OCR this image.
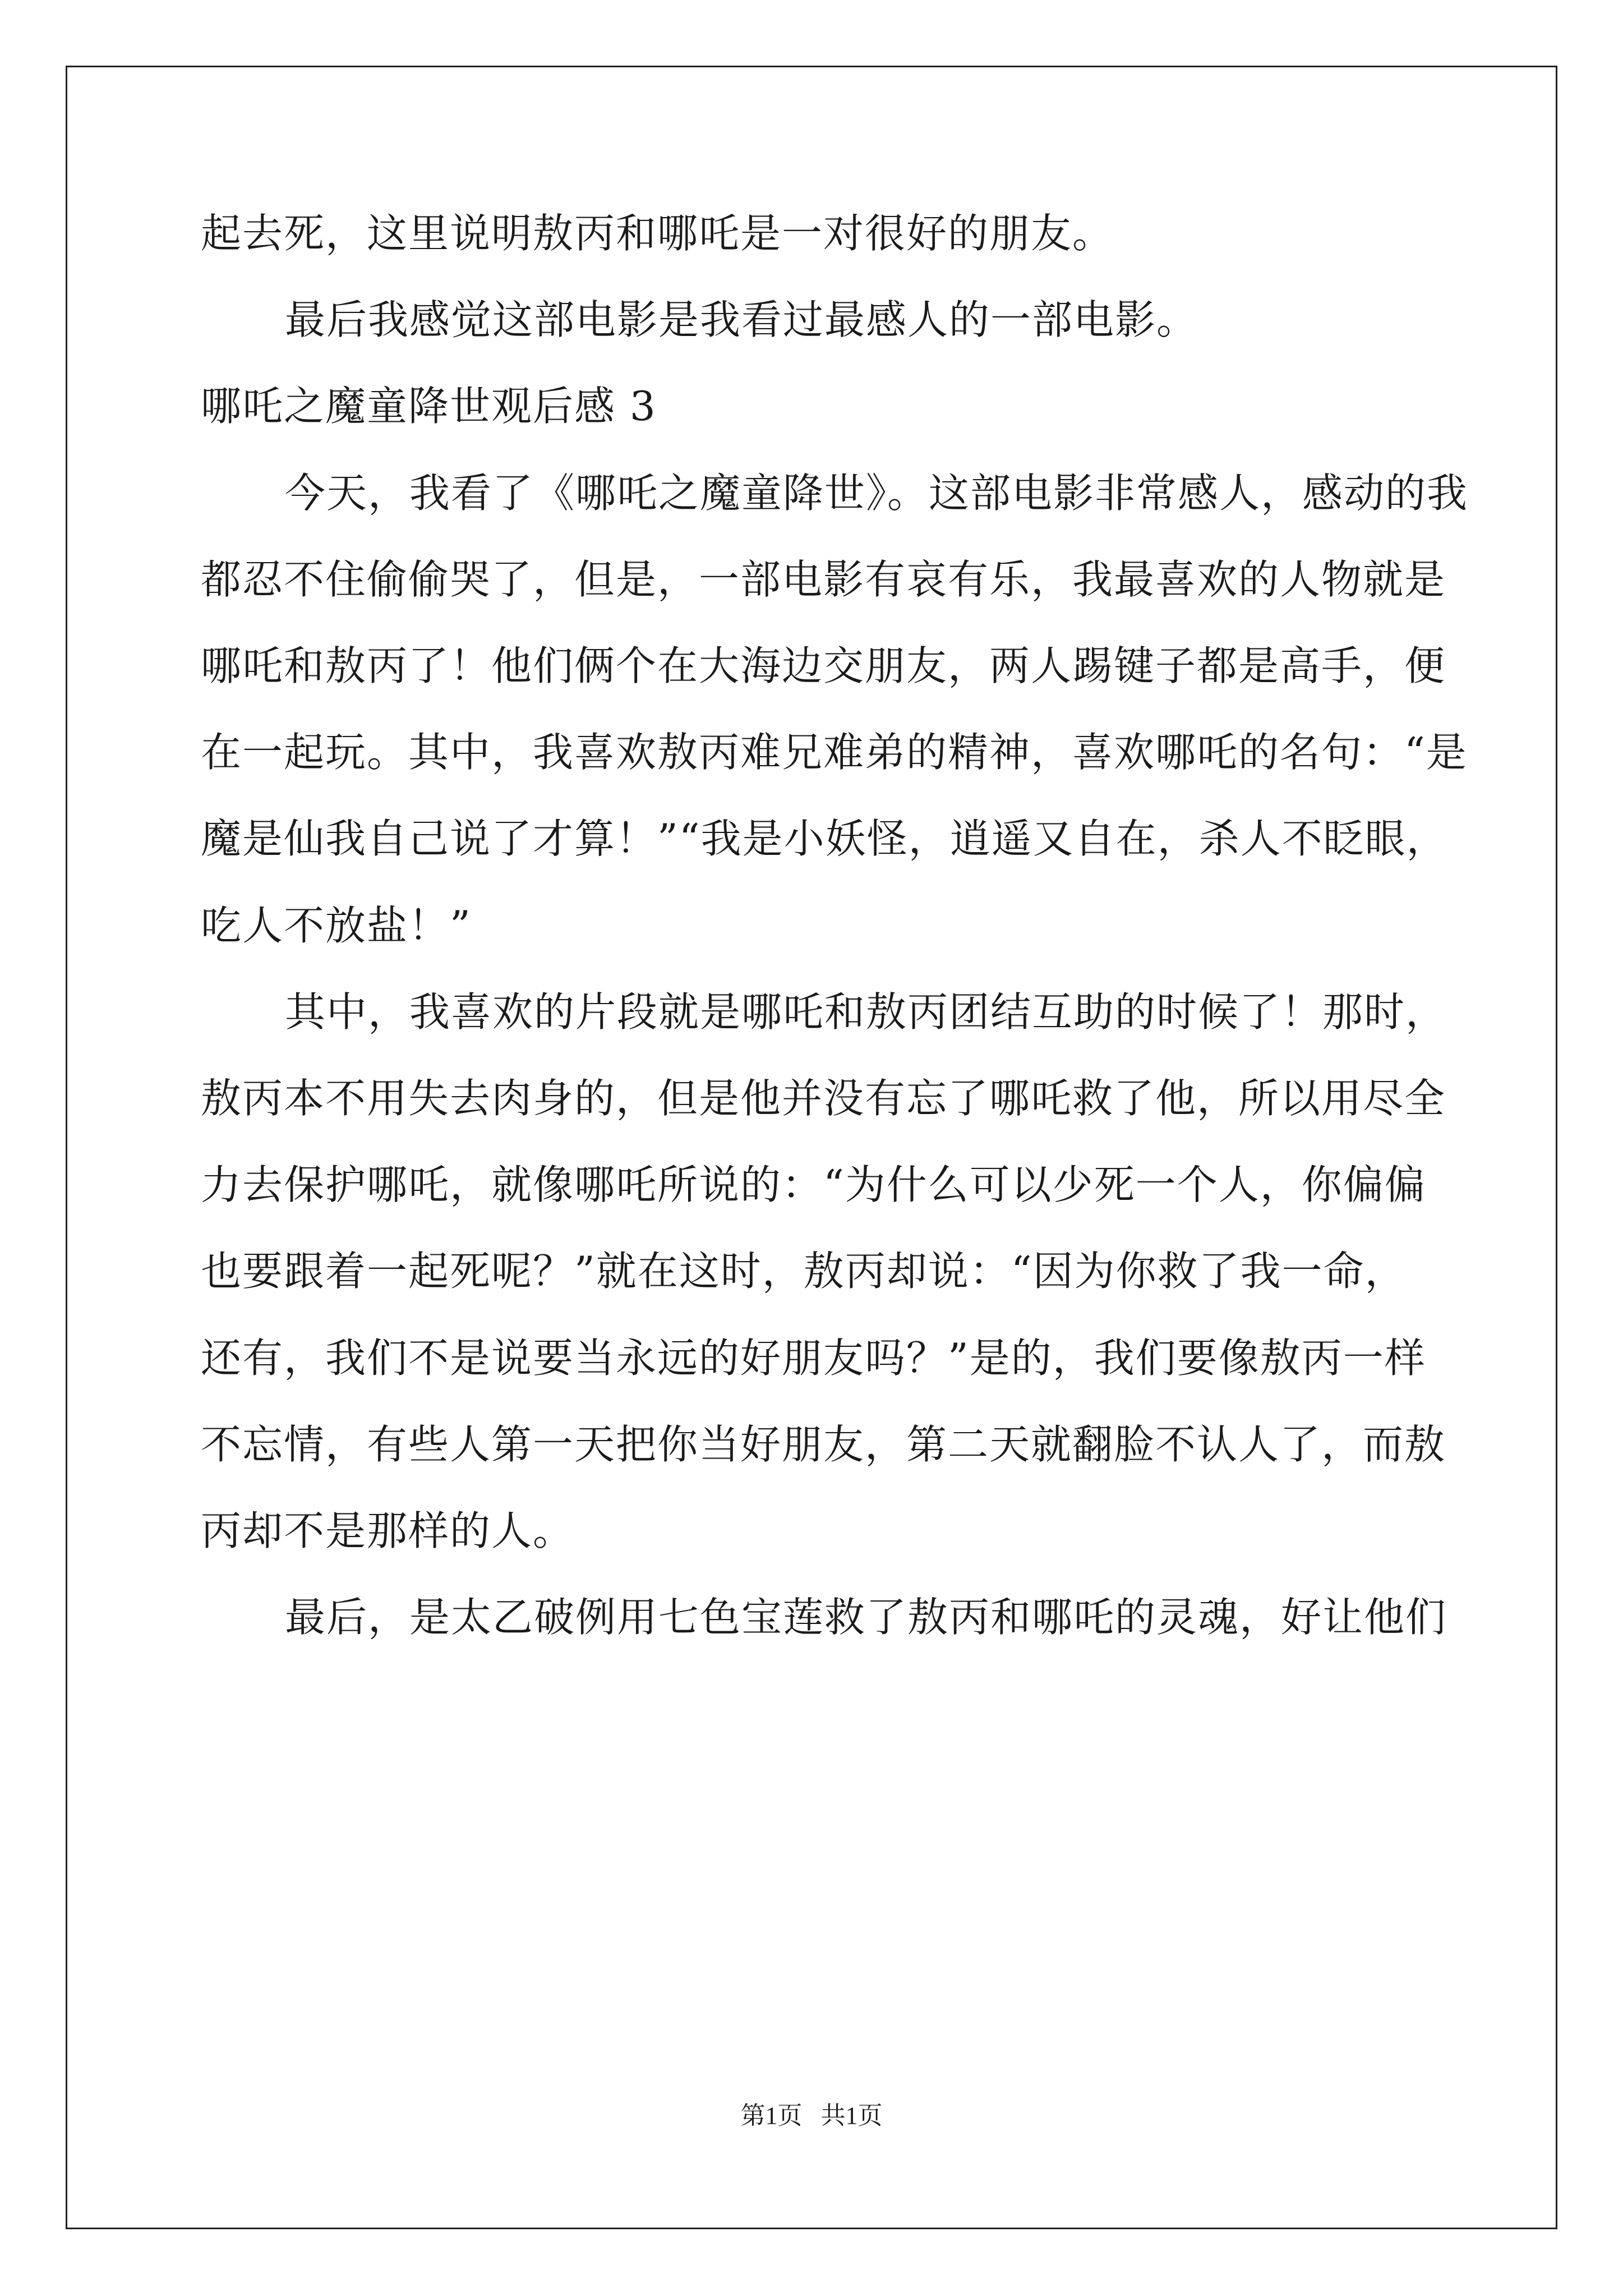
起去死，这里说明敖丙和哪吒是一对很好的朋友。
最后我感觉这部电影是我看过最感人的一部电影。
哪吒之魔童降世观后感 3
今天，我看了《哪吒之魔童降世》。这部电影非常感人，感动的我
都忍不住偷偷哭了，但是，一部电影有哀有乐，我最喜欢的人物就是
哪吒和敖丙了！他们俩个在大海边交朋友，两人踢键子都是高手，便
在一起玩。其中，我喜欢敖丙难兄难弟的精神，喜欢哪吒的名句：“是
魔是仙我自己说了才算！”“我是小妖怪，逍遥又自在，杀人不眨眼，
吃人不放盐！”
其中，我喜欢的片段就是哪吒和敖丙团结互助的时候了！那时，
敖丙本不用失去肉身的，但是他并没有忘了哪吒救了他，所以用尽全
力去保护哪吒，就像哪吒所说的：“为什么可以少死一个人，你偏偏
也要跟着一起死呢？”就在这时，敖丙却说：“因为你救了我一命，
还有，我们不是说要当永远的好朋友吗？”是的，我们要像敖丙一样
不忘情，有些人第一天把你当好朋友，第二天就翻脸不认人了，而敖
丙却不是那样的人。
最后，是太乙破例用七色宝莲救了敖丙和哪吒的灵魂，好让他们
第1页   共1页
